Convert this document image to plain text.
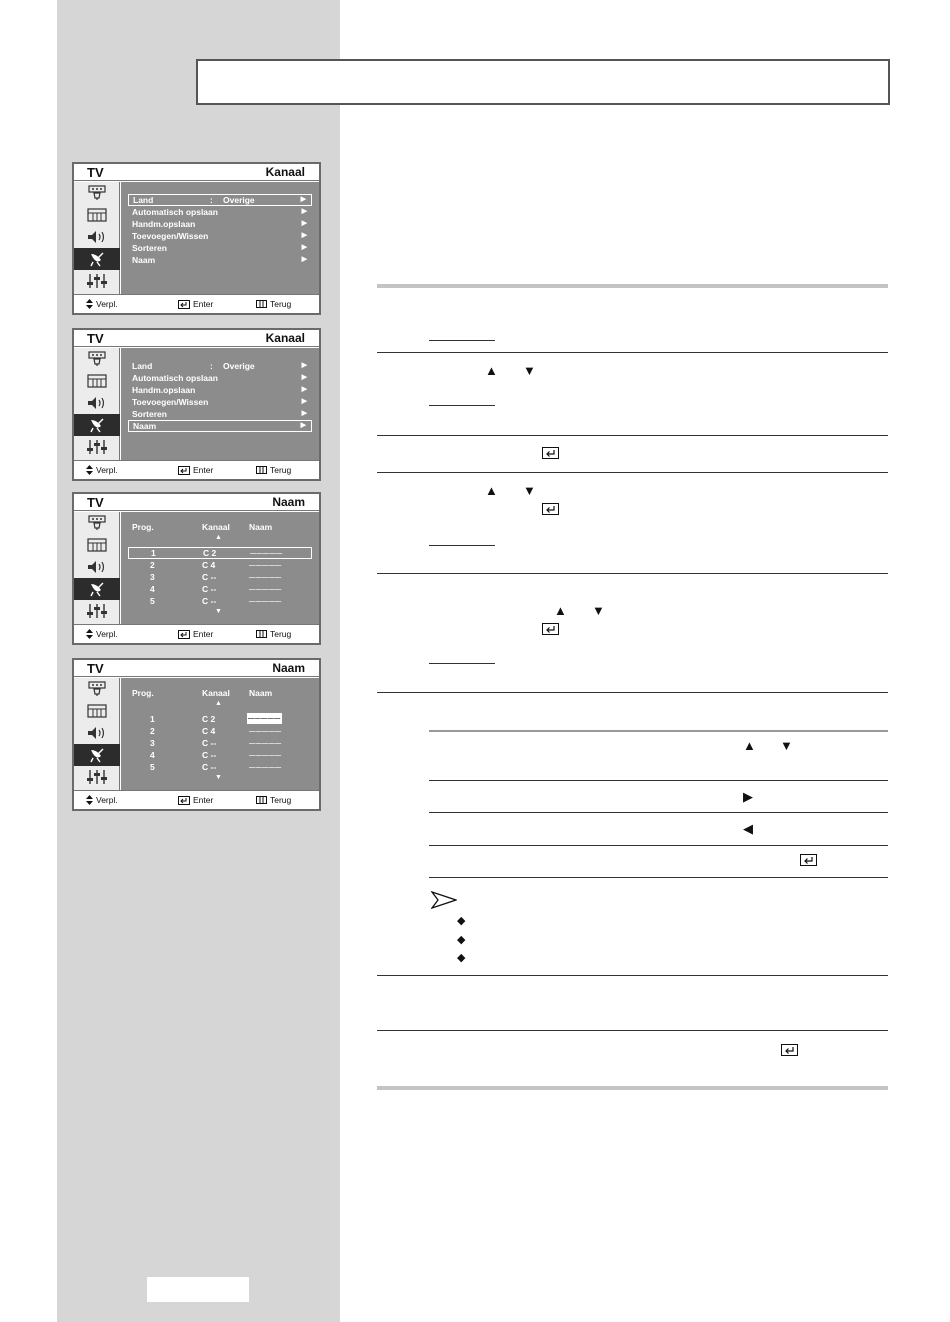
TV	Kanaal
Land	: Overige	▶
Automatisch opslaan	▶
Handm.opslaan	▶
Toevoegen/Wissen	▶
Sorteren	▶
Naam	▶
Verpl.	Enter	Terug
TV	Kanaal
Land	: Overige	▶
Automatisch opslaan	▶
Handm.opslaan	▶
Toevoegen/Wissen	▶
Sorteren	▶
Naam	▶
Verpl.	Enter	Terug
TV	Naam
Prog.	Kanaal Naam
▲
1	C 2	─────
2	C 4	─────
3	C --	─────
4	C --	─────
5	C --	─────
▼
Verpl.	Enter	Terug
TV	Naam
Prog.	Kanaal Naam
▲
1	C 2	─────
2	C 4	─────
3	C --	─────
4	C --	─────
5	C --	─────
▼
Verpl.	Enter	Terug
▲ ▼
▲ ▼
▲ ▼
▲ ▼
▶
◀
◆
◆
◆
